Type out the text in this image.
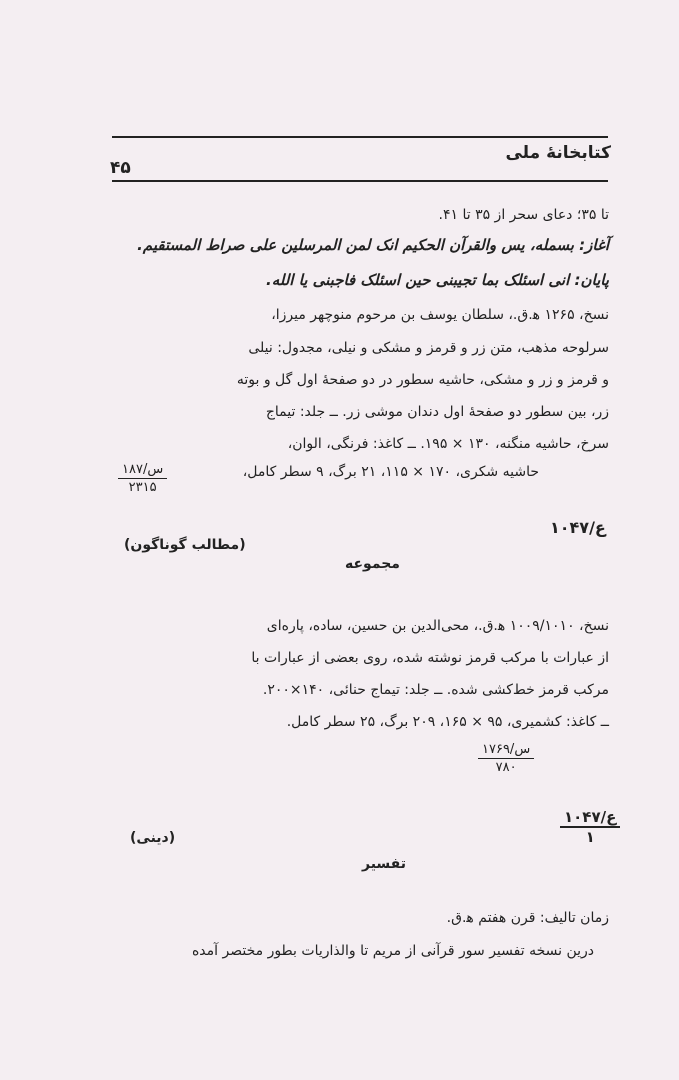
کتابخانهٔ ملی
۴۵
تا ۳۵؛ دعای سحر از ۳۵ تا ۴۱.
آغاز: بسمله، یس والقرآن الحکیم انک لمن المرسلین علی صراط المستقیم.
پایان: انی اسئلک بما تجیبنی حین اسئلک فاجبنی یا الله.
نسخ، ۱۲۶۵ ﻫ.ق.، سلطان یوسف بن مرحوم منوچهر میرزا،
سرلوحه مذهب، متن زر و قرمز و مشکی و نیلی، مجدول: نیلی
و قرمز و زر و مشکی، حاشیه سطور در دو صفحهٔ اول گل و بوته
زر، بین سطور دو صفحهٔ اول دندان موشی زر. ــ جلد: تیماج
سرخ، حاشیه منگنه، ۱۳۰ × ۱۹۵. ــ کاغذ: فرنگی، الوان،
حاشیه شکری، ۱۷۰ × ۱۱۵، ۲۱ برگ، ۹ سطر کامل،
۱۸۷/س
۲۳۱۵
ع/۱۰۴۷
(مطالب گوناگون)
مجموعه
نسخ، ۱۰۰۹/۱۰۱۰ ﻫ.ق.، محی‌الدین بن حسین، ساده، پاره‌ای
از عبارات با مرکب قرمز نوشته شده، روی بعضی از عبارات با
مرکب قرمز خط‌کشی شده. ــ جلد: تیماج حنائی، ۱۴۰×۲۰۰.
ــ کاغذ: کشمیری، ۹۵ × ۱۶۵، ۲۰۹ برگ، ۲۵ سطر کامل.
۱۷۶۹/س
۷۸۰
ع/۱۰۴۷
۱
(دینی)
تفسیر
زمان تالیف: قرن هفتم ﻫ.ق.
درین نسخه تفسیر سور قرآنی از مریم تا والذاریات بطور مختصر آمده
